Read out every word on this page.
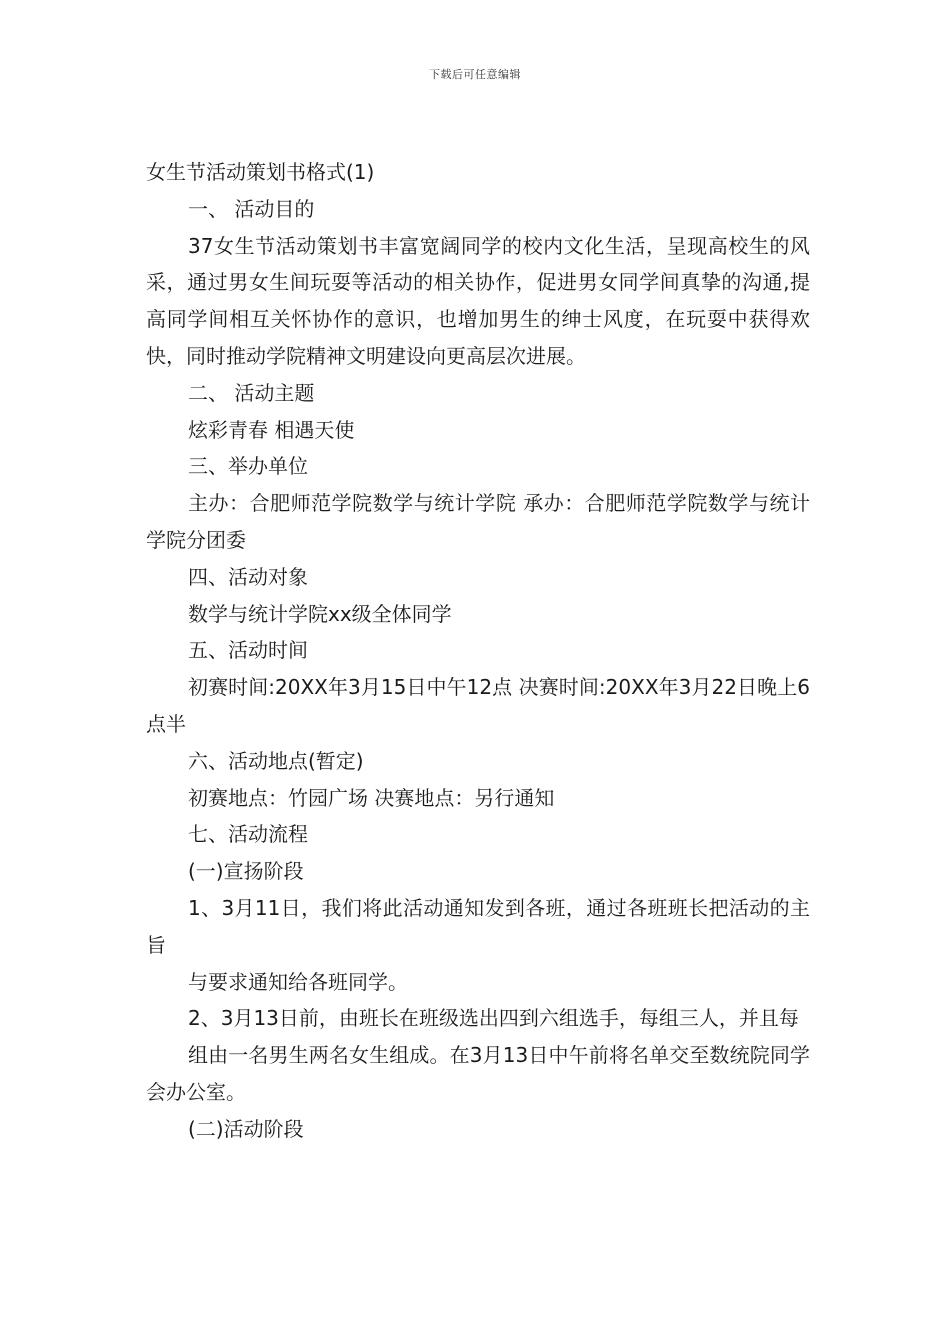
下载后可任意编辑

女生节活动策划书格式(1)

一、 活动目的

37女生节活动策划书丰富宽阔同学的校内文化生活，呈现高校生的风采，通过男女生间玩耍等活动的相关协作，促进男女同学间真挚的沟通,提高同学间相互关怀协作的意识，也增加男生的绅士风度，在玩耍中获得欢快，同时推动学院精神文明建设向更高层次进展。

二、 活动主题

炫彩青春 相遇天使

三、举办单位

主办：合肥师范学院数学与统计学院 承办：合肥师范学院数学与统计学院分团委

四、活动对象

数学与统计学院xx级全体同学

五、活动时间

初赛时间:20XX年3月15日中午12点 决赛时间:20XX年3月22日晚上6点半

六、活动地点(暂定)

初赛地点：竹园广场 决赛地点：另行通知

七、活动流程

(一)宣扬阶段

1、3月11日，我们将此活动通知发到各班，通过各班班长把活动的主旨

与要求通知给各班同学。

2、3月13日前，由班长在班级选出四到六组选手，每组三人，并且每

组由一名男生两名女生组成。在3月13日中午前将名单交至数统院同学会办公室。

(二)活动阶段
